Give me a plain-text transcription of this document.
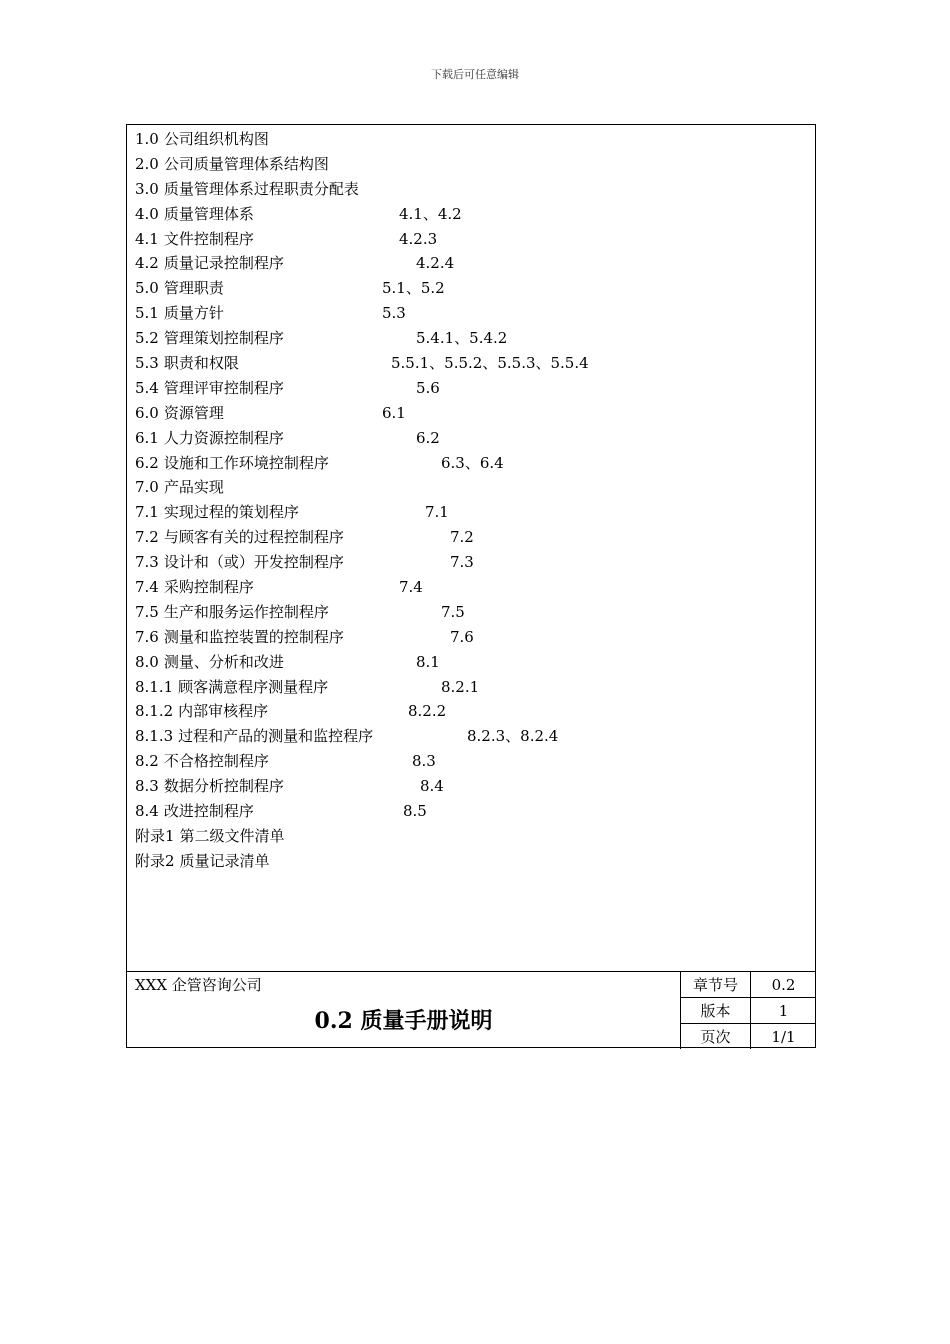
下载后可任意编辑
1.0 公司组织机构图
2.0 公司质量管理体系结构图
3.0 质量管理体系过程职责分配表
4.0 质量管理体系	4.1、4.2
4.1 文件控制程序	4.2.3
4.2 质量记录控制程序	4.2.4
5.0 管理职责	5.1、5.2
5.1 质量方针	5.3
5.2 管理策划控制程序	5.4.1、5.4.2
5.3 职责和权限	5.5.1、5.5.2、5.5.3、5.5.4
5.4 管理评审控制程序	5.6
6.0 资源管理	6.1
6.1 人力资源控制程序	6.2
6.2 设施和工作环境控制程序	6.3、6.4
7.0 产品实现
7.1 实现过程的策划程序	7.1
7.2 与顾客有关的过程控制程序	7.2
7.3 设计和（或）开发控制程序	7.3
7.4 采购控制程序	7.4
7.5 生产和服务运作控制程序	7.5
7.6 测量和监控装置的控制程序	7.6
8.0 测量、分析和改进	8.1
8.1.1 顾客满意程序测量程序	8.2.1
8.1.2 内部审核程序	8.2.2
8.1.3 过程和产品的测量和监控程序	8.2.3、8.2.4
8.2 不合格控制程序	8.3
8.3 数据分析控制程序	8.4
8.4 改进控制程序	8.5
附录1 第二级文件清单
附录2 质量记录清单
XXX 企管咨询公司
0.2 质量手册说明
章节号	0.2
版本	1
页次	1/1
